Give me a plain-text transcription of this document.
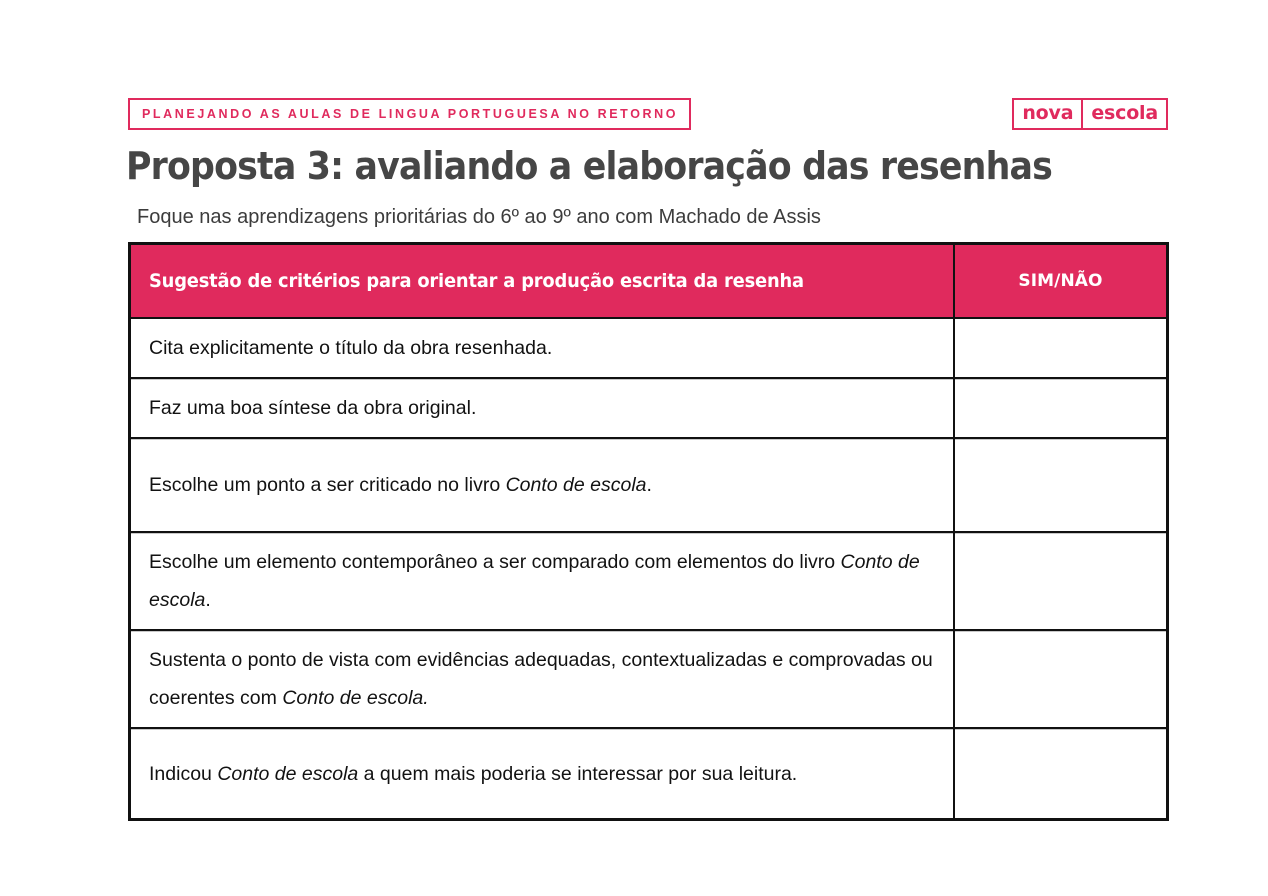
PLANEJANDO AS AULAS DE LINGUA PORTUGUESA NO RETORNO	nova escola
Proposta 3: avaliando a elaboração das resenhas

Foque nas aprendizagens prioritárias do 6º ao 9º ano com Machado de Assis

Sugestão de critérios para orientar a produção escrita da resenha	SIM/NÃO
Cita explicitamente o título da obra resenhada.
Faz uma boa síntese da obra original.
Escolhe um ponto a ser criticado no livro Conto de escola.
Escolhe um elemento contemporâneo a ser comparado com elementos do livro Conto de escola.
Sustenta o ponto de vista com evidências adequadas, contextualizadas e comprovadas ou coerentes com Conto de escola.
Indicou Conto de escola a quem mais poderia se interessar por sua leitura.
